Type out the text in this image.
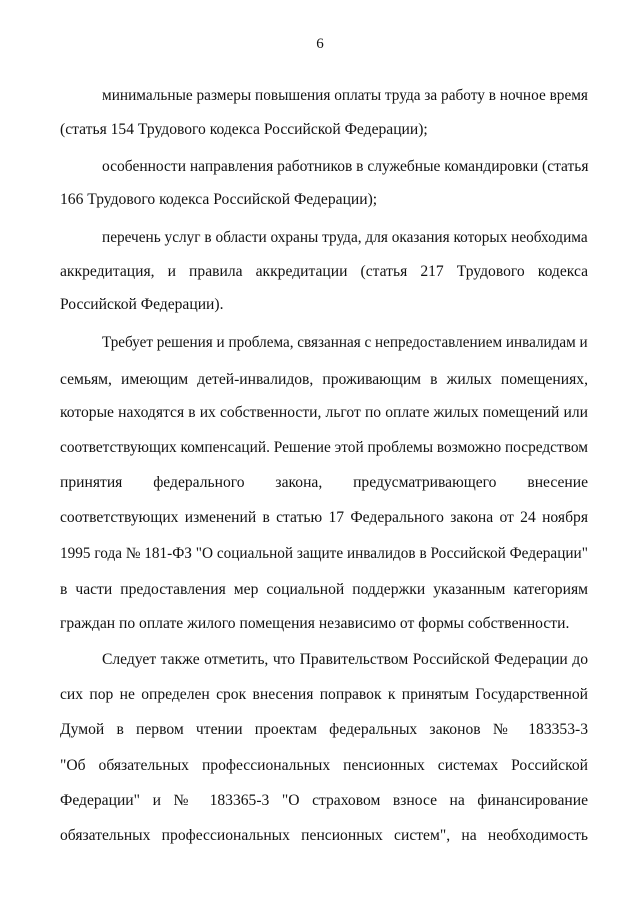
6
минимальные размеры повышения оплаты труда за работу в ночное время
(статья 154 Трудового кодекса Российской Федерации);
особенности направления работников в служебные командировки (статья
166 Трудового кодекса Российской Федерации);
перечень услуг в области охраны труда, для оказания которых необходима
аккредитация, и правила аккредитации (статья 217 Трудового кодекса
Российской Федерации).
Требует решения и проблема, связанная с непредоставлением инвалидам и
семьям, имеющим детей-инвалидов, проживающим в жилых помещениях,
которые находятся в их собственности, льгот по оплате жилых помещений или
соответствующих компенсаций. Решение этой проблемы возможно посредством
принятия федерального закона, предусматривающего внесение
соответствующих изменений в статью 17 Федерального закона от 24 ноября
1995 года № 181-ФЗ "О социальной защите инвалидов в Российской Федерации"
в части предоставления мер социальной поддержки указанным категориям
граждан по оплате жилого помещения независимо от формы собственности.
Следует также отметить, что Правительством Российской Федерации до
сих пор не определен срок внесения поправок к принятым Государственной
Думой в первом чтении проектам федеральных законов № 183353-3
"Об обязательных профессиональных пенсионных системах Российской
Федерации" и № 183365-3 "О страховом взносе на финансирование
обязательных профессиональных пенсионных систем", на необходимость
